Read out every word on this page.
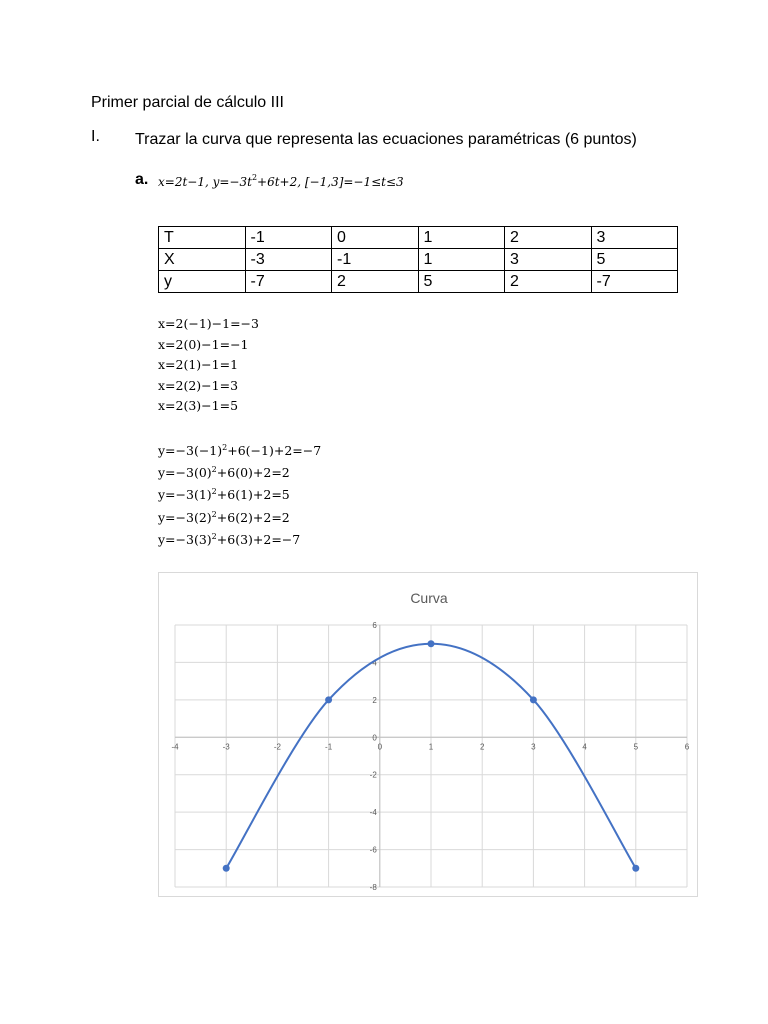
Primer parcial de cálculo III
I. Trazar la curva que representa las ecuaciones paramétricas (6 puntos)
a. x=2t−1, $y=-3t^2+6t+2$, [−1,3]=−1≤t≤3
T	-1	0	1	2	3
X	-3	-1	1	3	5
y	-7	2	5	2	-7
x=2(−1)−1=−3
x=2(0)−1=−1
x=2(1)−1=1
x=2(2)−1=3
x=2(3)−1=5
$y=-3(-1)^2+6(-1)+2=-7$
$y=-3(0)^2+6(0)+2=2$
$y=-3(1)^2+6(1)+2=5$
$y=-3(2)^2+6(2)+2=2$
$y=-3(3)^2+6(3)+2=-7$
Curva
-4	-3	-2	-1	0	1	2	3	4	5	6
6
4
2
0
-2
-4
-6
-8
